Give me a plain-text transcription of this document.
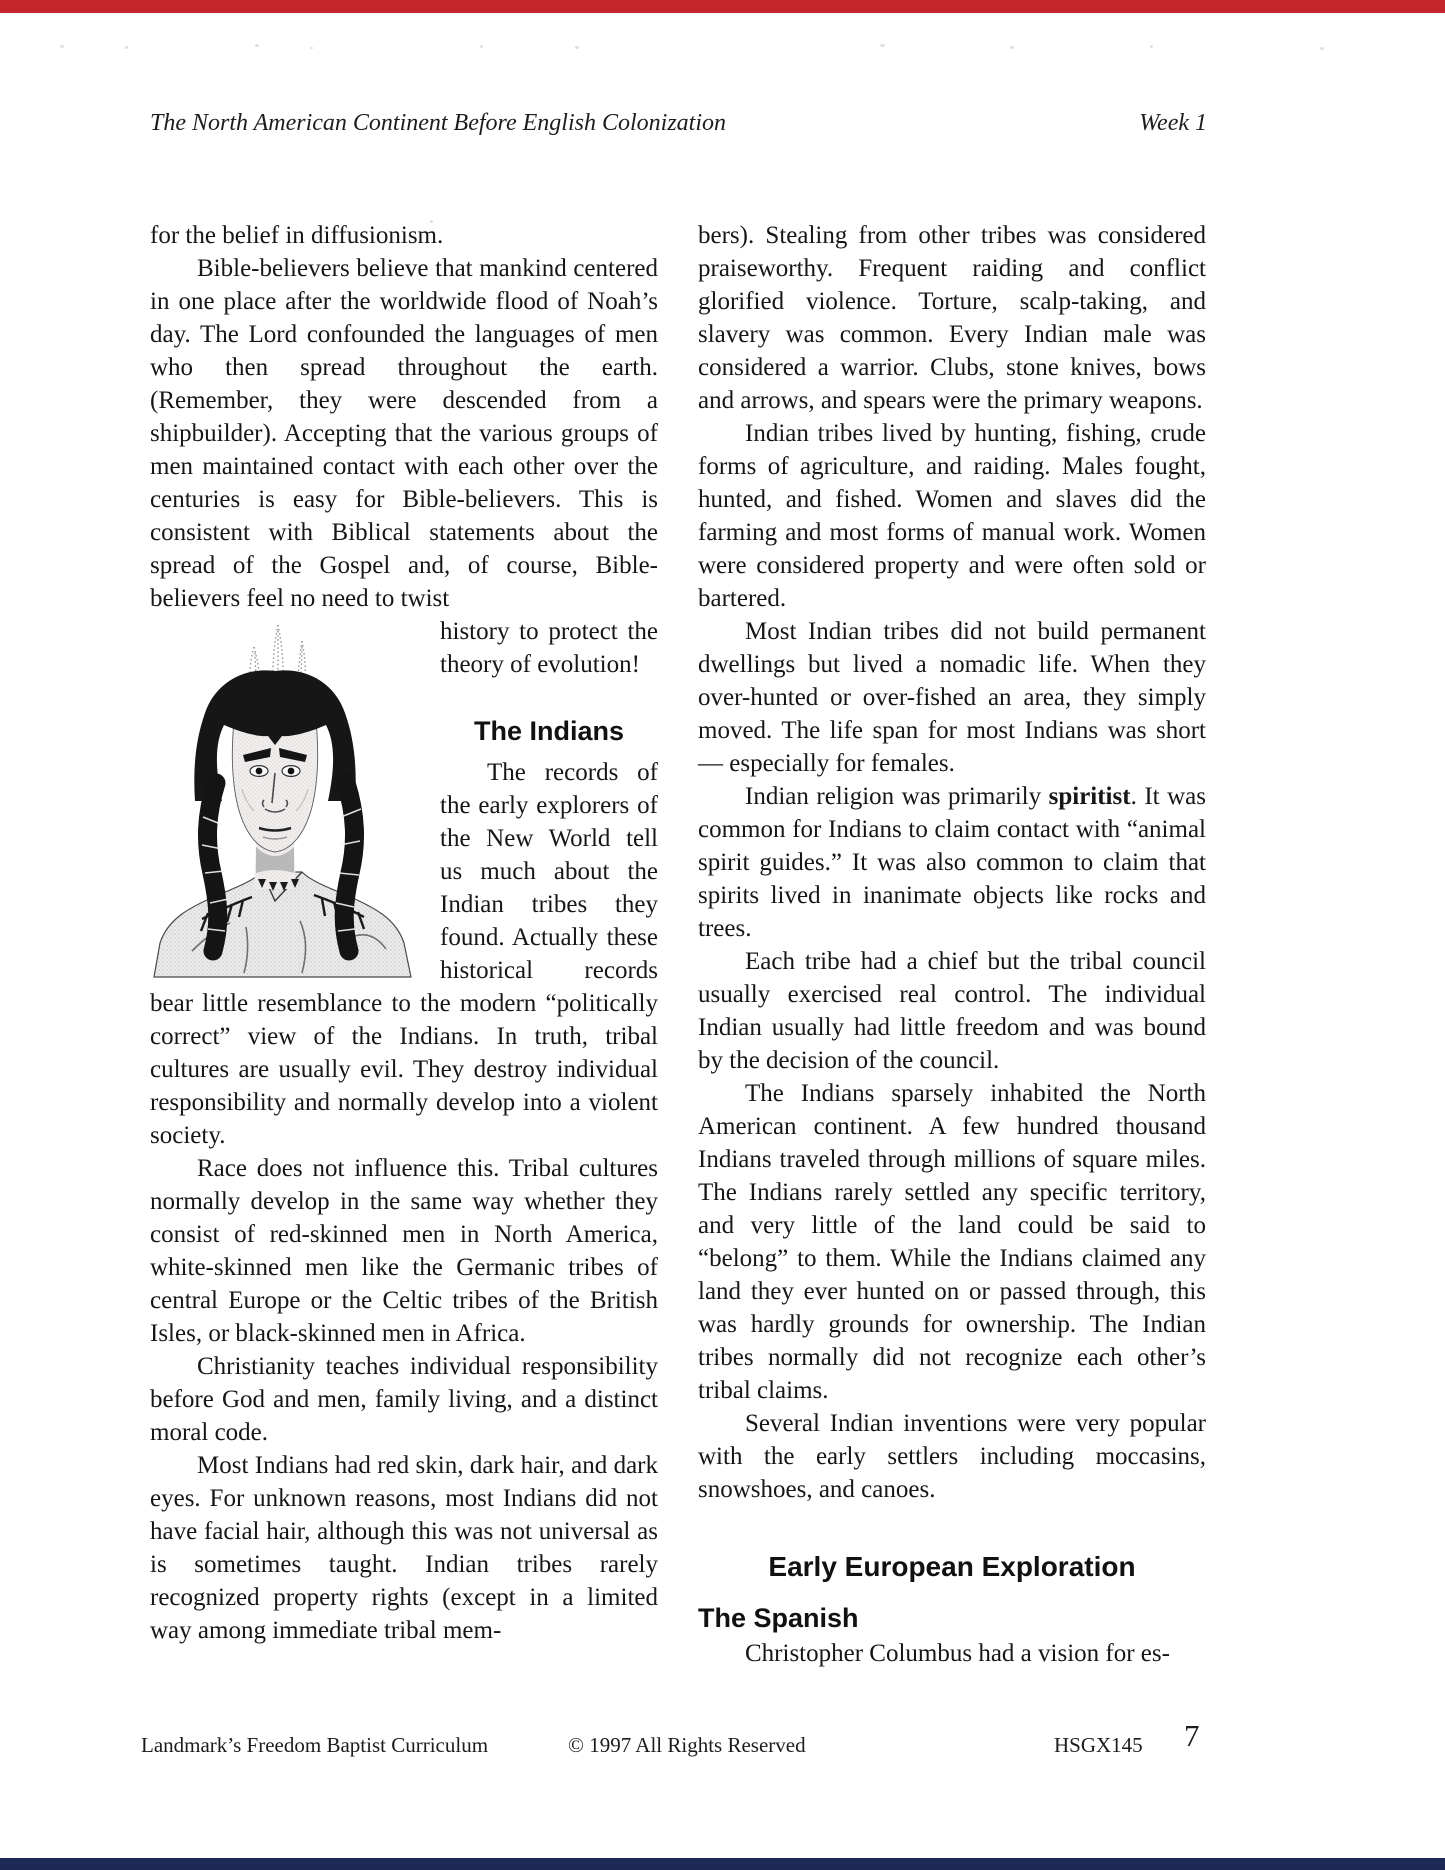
The North American Continent Before English Colonization	Week 1

for the belief in diffusionism.

Bible-believers believe that mankind centered in one place after the worldwide flood of Noah’s day. The Lord confounded the languages of men who then spread throughout the earth. (Remember, they were descended from a shipbuilder). Accepting that the various groups of men maintained contact with each other over the centuries is easy for Bible-believers. This is consistent with Biblical statements about the spread of the Gospel and, of course, Bible-believers feel no need to twist

history to protect the theory of evolution!

The Indians

The records of the early explorers of the New World tell us much about the Indian tribes they found. Actually these historical records bear little resemblance to the modern “politically correct” view of the Indians. In truth, tribal cultures are usually evil. They destroy individual responsibility and normally develop into a violent society.

Race does not influence this. Tribal cultures normally develop in the same way whether they consist of red-skinned men in North America, white-skinned men like the Germanic tribes of central Europe or the Celtic tribes of the British Isles, or black-skinned men in Africa.

Christianity teaches individual responsibility before God and men, family living, and a distinct moral code.

Most Indians had red skin, dark hair, and dark eyes. For unknown reasons, most Indians did not have facial hair, although this was not universal as is sometimes taught. Indian tribes rarely recognized property rights (except in a limited way among immediate tribal mem-

bers). Stealing from other tribes was considered praiseworthy. Frequent raiding and conflict glorified violence. Torture, scalp-taking, and slavery was common. Every Indian male was considered a warrior. Clubs, stone knives, bows and arrows, and spears were the primary weapons.

Indian tribes lived by hunting, fishing, crude forms of agriculture, and raiding. Males fought, hunted, and fished. Women and slaves did the farming and most forms of manual work. Women were considered property and were often sold or bartered.

Most Indian tribes did not build permanent dwellings but lived a nomadic life. When they over-hunted or over-fished an area, they simply moved. The life span for most Indians was short — especially for females.

Indian religion was primarily spiritist. It was common for Indians to claim contact with “animal spirit guides.” It was also common to claim that spirits lived in inanimate objects like rocks and trees.

Each tribe had a chief but the tribal council usually exercised real control. The individual Indian usually had little freedom and was bound by the decision of the council.

The Indians sparsely inhabited the North American continent. A few hundred thousand Indians traveled through millions of square miles. The Indians rarely settled any specific territory, and very little of the land could be said to “belong” to them. While the Indians claimed any land they ever hunted on or passed through, this was hardly grounds for ownership. The Indian tribes normally did not recognize each other’s tribal claims.

Several Indian inventions were very popular with the early settlers including moccasins, snowshoes, and canoes.

Early European Exploration
The Spanish

Christopher Columbus had a vision for es-

Landmark’s Freedom Baptist Curriculum	© 1997 All Rights Reserved	HSGX145 7
